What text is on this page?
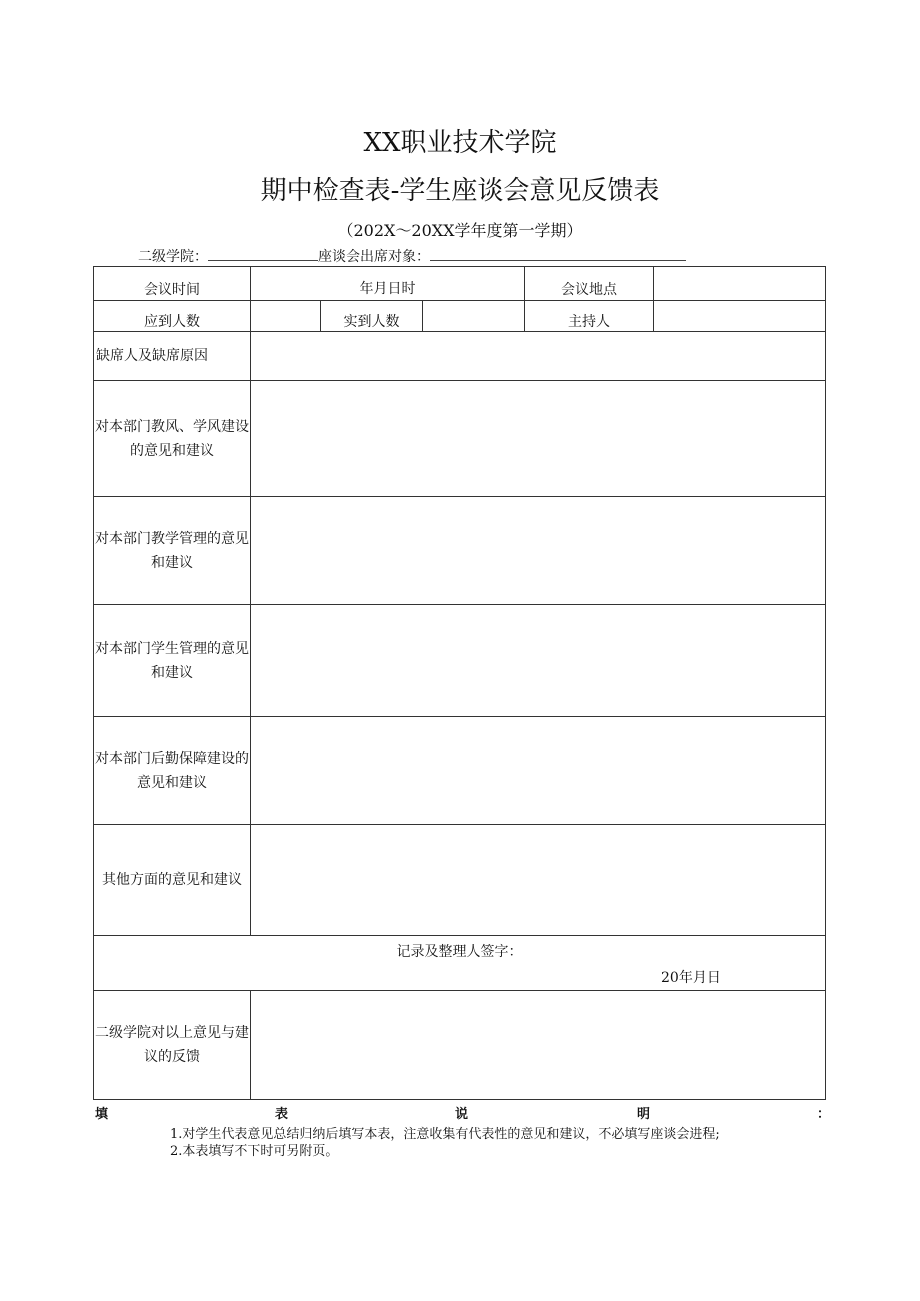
XX职业技术学院
期中检查表-学生座谈会意见反馈表
（202X～20XX学年度第一学期）
二级学院：	座谈会出席对象：
会议时间	年月日时	会议地点
应到人数	实到人数	主持人
缺席人及缺席原因
对本部门教风、学风建设的意见和建议
对本部门教学管理的意见和建议
对本部门学生管理的意见和建议
对本部门后勤保障建设的意见和建议
其他方面的意见和建议
记录及整理人签字：
20年月日
二级学院对以上意见与建议的反馈
填	表	说	明	：
1.对学生代表意见总结归纳后填写本表，注意收集有代表性的意见和建议，不必填写座谈会进程;
2.本表填写不下时可另附页。
